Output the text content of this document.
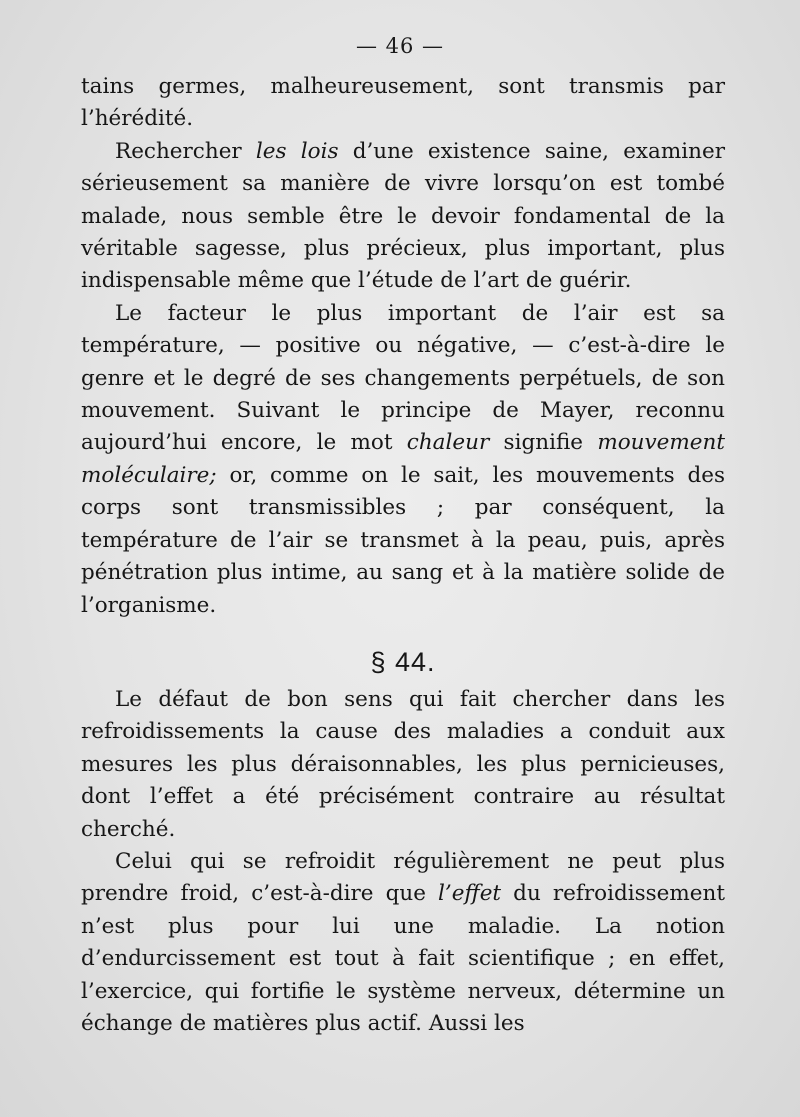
— 46 —

tains germes, malheureusement, sont transmis par l’hérédité.

Rechercher les lois d’une existence saine, examiner sérieusement sa manière de vivre lorsqu’on est tombé malade, nous semble être le devoir fondamental de la véritable sagesse, plus précieux, plus important, plus indispensable même que l’étude de l’art de guérir.

Le facteur le plus important de l’air est sa température, — positive ou négative, — c’est-à-dire le genre et le degré de ses changements perpétuels, de son mouvement. Suivant le principe de Mayer, reconnu aujourd’hui encore, le mot chaleur signifie mouvement moléculaire; or, comme on le sait, les mouvements des corps sont transmissibles ; par conséquent, la température de l’air se transmet à la peau, puis, après pénétration plus intime, au sang et à la matière solide de l’organisme.

§ 44.

Le défaut de bon sens qui fait chercher dans les refroidissements la cause des maladies a conduit aux mesures les plus déraisonnables, les plus pernicieuses, dont l’effet a été précisément contraire au résultat cherché.

Celui qui se refroidit régulièrement ne peut plus prendre froid, c’est-à-dire que l’effet du refroidissement n’est plus pour lui une maladie. La notion d’endurcissement est tout à fait scientifique ; en effet, l’exercice, qui fortifie le système nerveux, détermine un échange de matières plus actif. Aussi les
